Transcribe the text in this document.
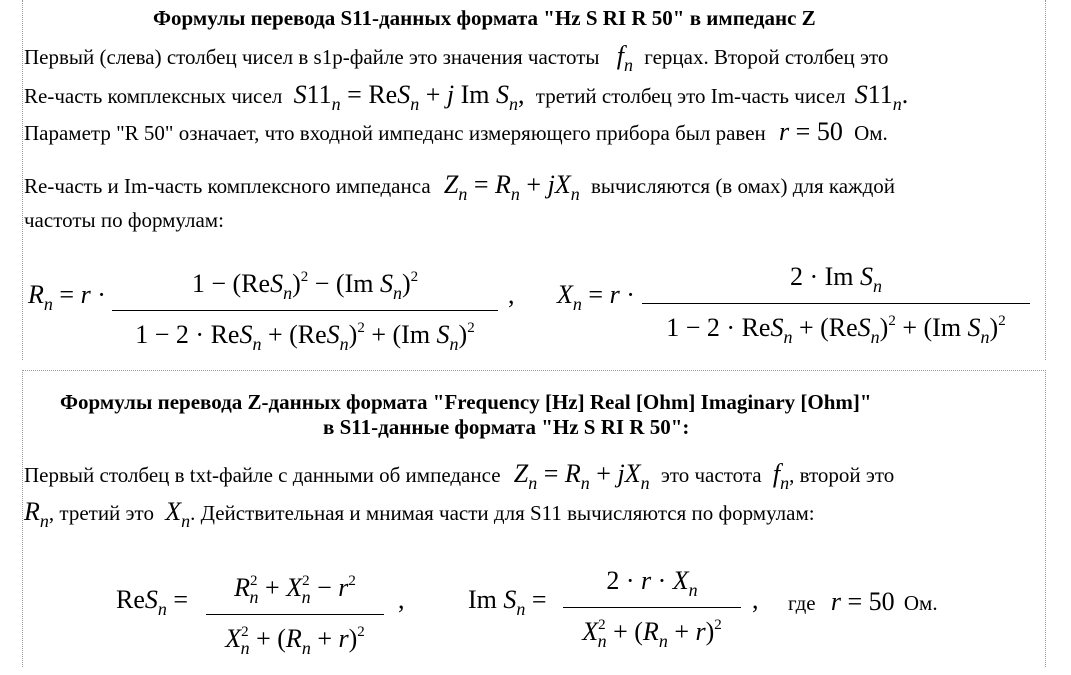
Формулы перевода S11-данных формата "Hz S RI R 50" в импеданс Z
Первый (слева) столбец чисел в s1p-файле это значения частоты $f_n$ герцах. Второй столбец это
Re-часть комплексных чисел $S11_n = ReS_n + j$ Im $S_n$, третий столбец это Im-часть чисел $S11_n$.
Параметр "R 50" означает, что входной импеданс измеряющего прибора был равен r = 50 Ом.
Re-часть и Im-часть комплексного импеданса $Z_n = R_n + jX_n$ вычисляются (в омах) для каждой
частоты по формулам:
$R_n = r$ ·	$1 - (ReS_n)^2 - (Im$ $S_n)^2$
$1 - 2 \cdot ReS_n + (ReS_n)^2 + (Im$ $S_n)^2$
, $X_n = r$ ·
2 · Im $S_n$
$1 - 2 \cdot ReS_n + (ReS_n)^2 + (Im$ $S_n)^2$
Формулы перевода Z-данных формата "Frequency [Hz] Real [Ohm] Imaginary [Ohm]"
в S11-данные формата "Hz S RI R 50":
Первый столбец в txt-файле с данными об импедансе $Z_n = R_n + jX_n$ это частота $f_n$, второй это
$R_n$, третий это $X_n$. Действительная и мнимая части для S11 вычисляются по формулам:
$ReS_n = R^2_n + X^2_n - r^2$
$X^2_n + (R_n + r)^2$
, Im $S_n$ =
$2 \cdot r \cdot X_n$
$X^2_n + (R_n + r)^2$
, где r = 50 Ом.
